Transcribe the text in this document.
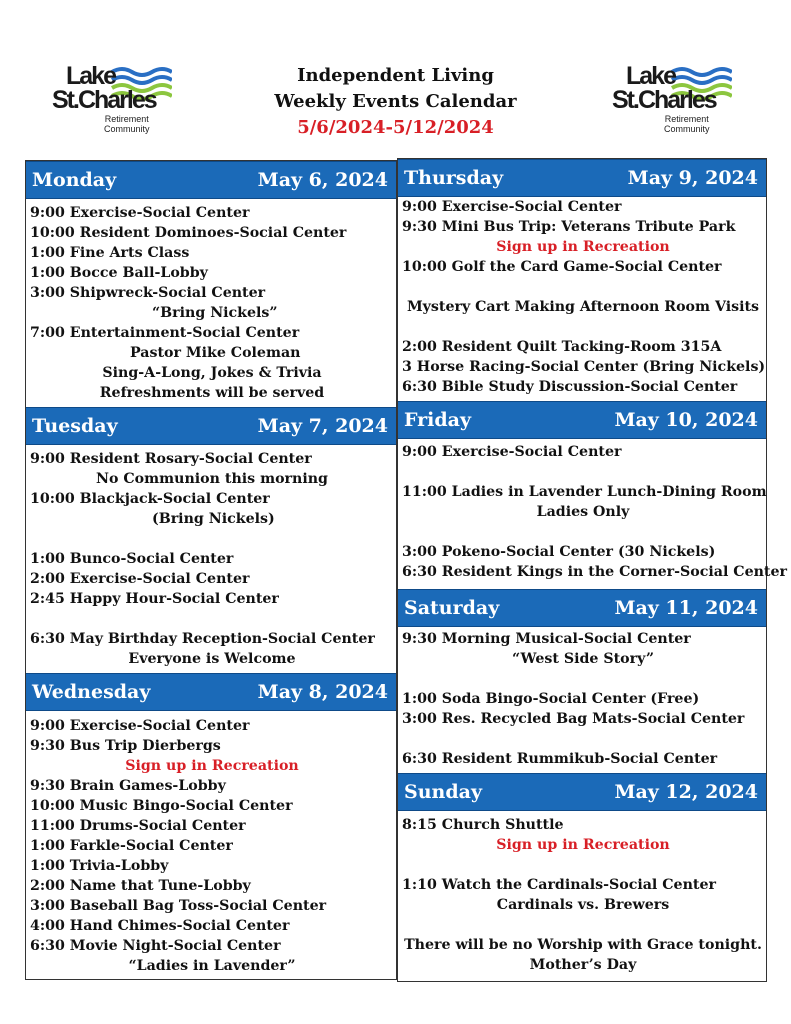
Lake
St.Charles
Retirement
Community
Lake
St.Charles
Retirement
Community
Independent Living
Weekly Events Calendar
5/6/2024-5/12/2024
Monday	May 6, 2024
9:00 Exercise-Social Center
10:00 Resident Dominoes-Social Center
1:00 Fine Arts Class
1:00 Bocce Ball-Lobby
3:00 Shipwreck-Social Center
“Bring Nickels”
7:00 Entertainment-Social Center
Pastor Mike Coleman
Sing-A-Long, Jokes & Trivia
Refreshments will be served
Tuesday	May 7, 2024
9:00 Resident Rosary-Social Center
No Communion this morning
10:00 Blackjack-Social Center
(Bring Nickels)
1:00 Bunco-Social Center
2:00 Exercise-Social Center
2:45 Happy Hour-Social Center
6:30 May Birthday Reception-Social Center
Everyone is Welcome
Wednesday	May 8, 2024
9:00 Exercise-Social Center
9:30 Bus Trip Dierbergs
Sign up in Recreation
9:30 Brain Games-Lobby
10:00 Music Bingo-Social Center
11:00 Drums-Social Center
1:00 Farkle-Social Center
1:00 Trivia-Lobby
2:00 Name that Tune-Lobby
3:00 Baseball Bag Toss-Social Center
4:00 Hand Chimes-Social Center
6:30 Movie Night-Social Center
“Ladies in Lavender”
Thursday	May 9, 2024
9:00 Exercise-Social Center
9:30 Mini Bus Trip: Veterans Tribute Park
Sign up in Recreation
10:00 Golf the Card Game-Social Center
Mystery Cart Making Afternoon Room Visits
2:00 Resident Quilt Tacking-Room 315A
3 Horse Racing-Social Center (Bring Nickels)
6:30 Bible Study Discussion-Social Center
Friday	May 10, 2024
9:00 Exercise-Social Center
11:00 Ladies in Lavender Lunch-Dining Room
Ladies Only
3:00 Pokeno-Social Center (30 Nickels)
6:30 Resident Kings in the Corner-Social Center
Saturday	May 11, 2024
9:30 Morning Musical-Social Center
“West Side Story”
1:00 Soda Bingo-Social Center (Free)
3:00 Res. Recycled Bag Mats-Social Center
6:30 Resident Rummikub-Social Center
Sunday	May 12, 2024
8:15 Church Shuttle
Sign up in Recreation
1:10 Watch the Cardinals-Social Center
Cardinals vs. Brewers
There will be no Worship with Grace tonight.
Mother’s Day
